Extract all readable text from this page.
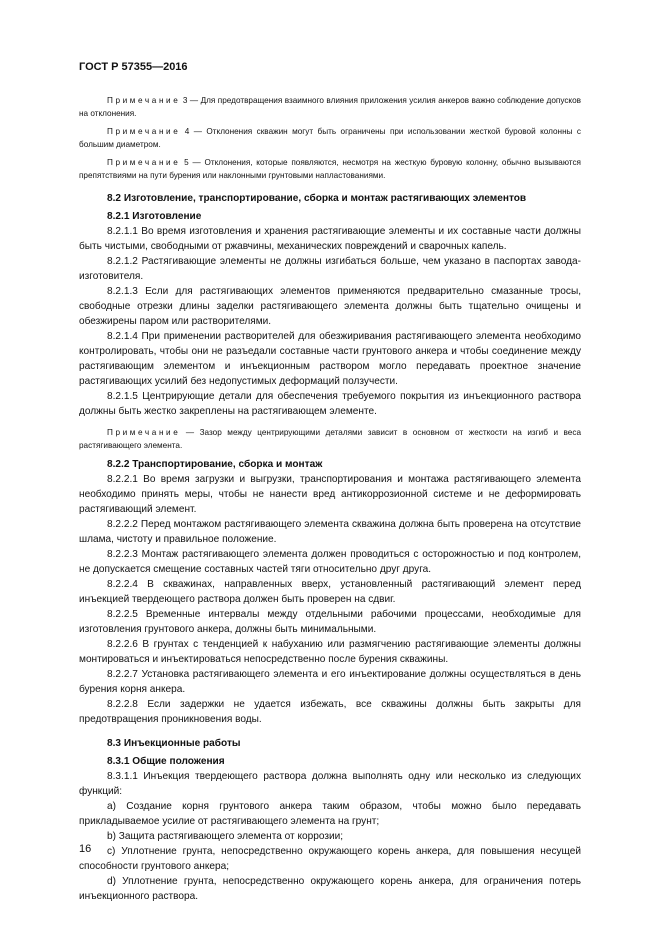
ГОСТ Р 57355—2016

Примечание 3 — Для предотвращения взаимного влияния приложения усилия анкеров важно соблюдение допусков на отклонения.

Примечание 4 — Отклонения скважин могут быть ограничены при использовании жесткой буровой колонны с большим диаметром.

Примечание 5 — Отклонения, которые появляются, несмотря на жесткую буровую колонну, обычно вызываются препятствиями на пути бурения или наклонными грунтовыми напластованиями.

8.2 Изготовление, транспортирование, сборка и монтаж растягивающих элементов

8.2.1 Изготовление

8.2.1.1 Во время изготовления и хранения растягивающие элементы и их составные части должны быть чистыми, свободными от ржавчины, механических повреждений и сварочных капель.

8.2.1.2 Растягивающие элементы не должны изгибаться больше, чем указано в паспортах завода-изготовителя.

8.2.1.3 Если для растягивающих элементов применяются предварительно смазанные тросы, свободные отрезки длины заделки растягивающего элемента должны быть тщательно очищены и обезжирены паром или растворителями.

8.2.1.4 При применении растворителей для обезжиривания растягивающего элемента необходимо контролировать, чтобы они не разъедали составные части грунтового анкера и чтобы соединение между растягивающим элементом и инъекционным раствором могло передавать проектное значение растягивающих усилий без недопустимых деформаций ползучести.

8.2.1.5 Центрирующие детали для обеспечения требуемого покрытия из инъекционного раствора должны быть жестко закреплены на растягивающем элементе.

Примечание — Зазор между центрирующими деталями зависит в основном от жесткости на изгиб и веса растягивающего элемента.

8.2.2 Транспортирование, сборка и монтаж

8.2.2.1 Во время загрузки и выгрузки, транспортирования и монтажа растягивающего элемента необходимо принять меры, чтобы не нанести вред антикоррозионной системе и не деформировать растягивающий элемент.

8.2.2.2 Перед монтажом растягивающего элемента скважина должна быть проверена на отсутствие шлама, чистоту и правильное положение.

8.2.2.3 Монтаж растягивающего элемента должен проводиться с осторожностью и под контролем, не допускается смещение составных частей тяги относительно друг друга.

8.2.2.4 В скважинах, направленных вверх, установленный растягивающий элемент перед инъекцией твердеющего раствора должен быть проверен на сдвиг.

8.2.2.5 Временные интервалы между отдельными рабочими процессами, необходимые для изготовления грунтового анкера, должны быть минимальными.

8.2.2.6 В грунтах с тенденцией к набуханию или размягчению растягивающие элементы должны монтироваться и инъектироваться непосредственно после бурения скважины.

8.2.2.7 Установка растягивающего элемента и его инъектирование должны осуществляться в день бурения корня анкера.

8.2.2.8 Если задержки не удается избежать, все скважины должны быть закрыты для предотвращения проникновения воды.

8.3 Инъекционные работы

8.3.1 Общие положения

8.3.1.1 Инъекция твердеющего раствора должна выполнять одну или несколько из следующих функций:

a) Создание корня грунтового анкера таким образом, чтобы можно было передавать прикладываемое усилие от растягивающего элемента на грунт;

b) Защита растягивающего элемента от коррозии;

c) Уплотнение грунта, непосредственно окружающего корень анкера, для повышения несущей способности грунтового анкера;

d) Уплотнение грунта, непосредственно окружающего корень анкера, для ограничения потерь инъекционного раствора.

16
